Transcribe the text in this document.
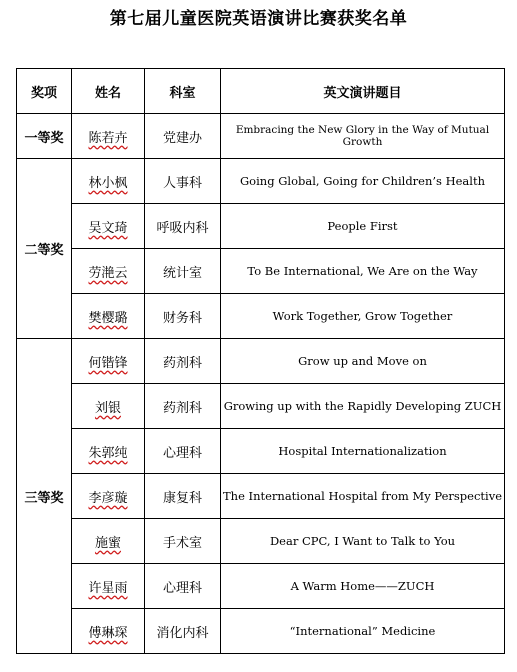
第七届儿童医院英语演讲比赛获奖名单
奖项	姓名	科室	英文演讲题目
一等奖	陈若卉	党建办	Embracing the New Glory in the Way of Mutual Growth
二等奖	林小枫	人事科	Going Global, Going for Children’s Health
	吴文琦	呼吸内科	People First
	劳滟云	统计室	To Be International, We Are on the Way
	樊樱璐	财务科	Work Together, Grow Together
三等奖	何锴锋	药剂科	Grow up and Move on
	刘银	药剂科	Growing up with the Rapidly Developing ZUCH
	朱郭纯	心理科	Hospital Internationalization
	李彦璇	康复科	The International Hospital from My Perspective
	施蜜	手术室	Dear CPC, I Want to Talk to You
	许星雨	心理科	A Warm Home——ZUCH
	傅琳琛	消化内科	“International” Medicine
